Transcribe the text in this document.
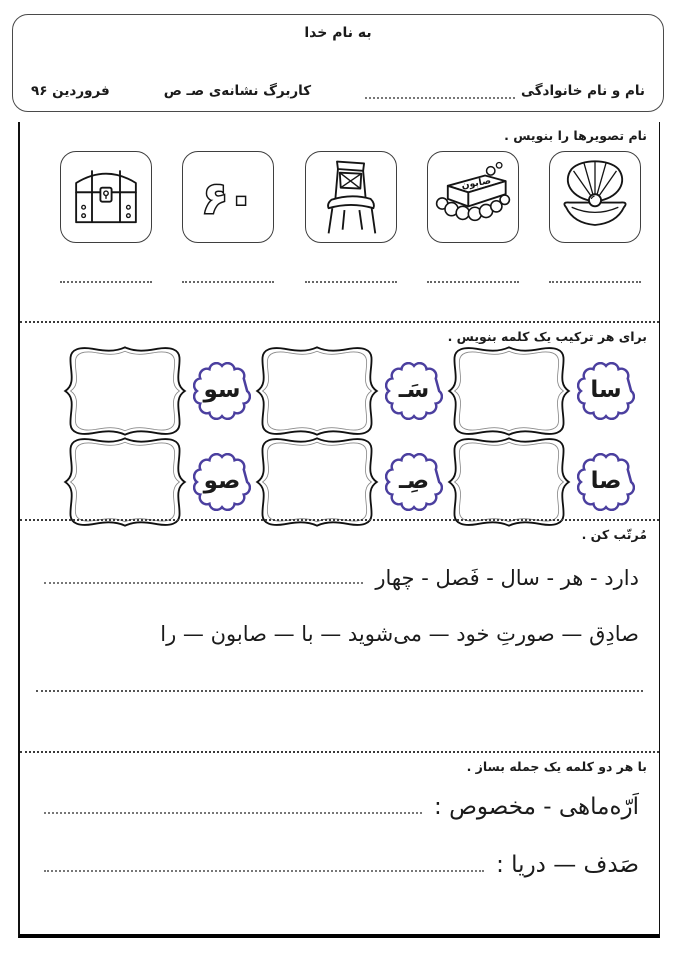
به نام خدا
نام و نام خانوادگی
کاربرگ نشانه‌ی صـ ص
فروردین ۹۶
نام تصویرها را بنویس .
صابون
۶۰
برای هر ترکیب یک کلمه بنویس .
سا
سَـ
سو
صا
صِـ
صو
مُرتّب کن .
دارد - هر - سال - فَصل - چهار
صادِق — صورتِ خود — می‌شوید — با — صابون — را
با هر دو کلمه یک جمله بساز .
اَرّه‌ماهی - مخصوص :
صَدف — دریا :
